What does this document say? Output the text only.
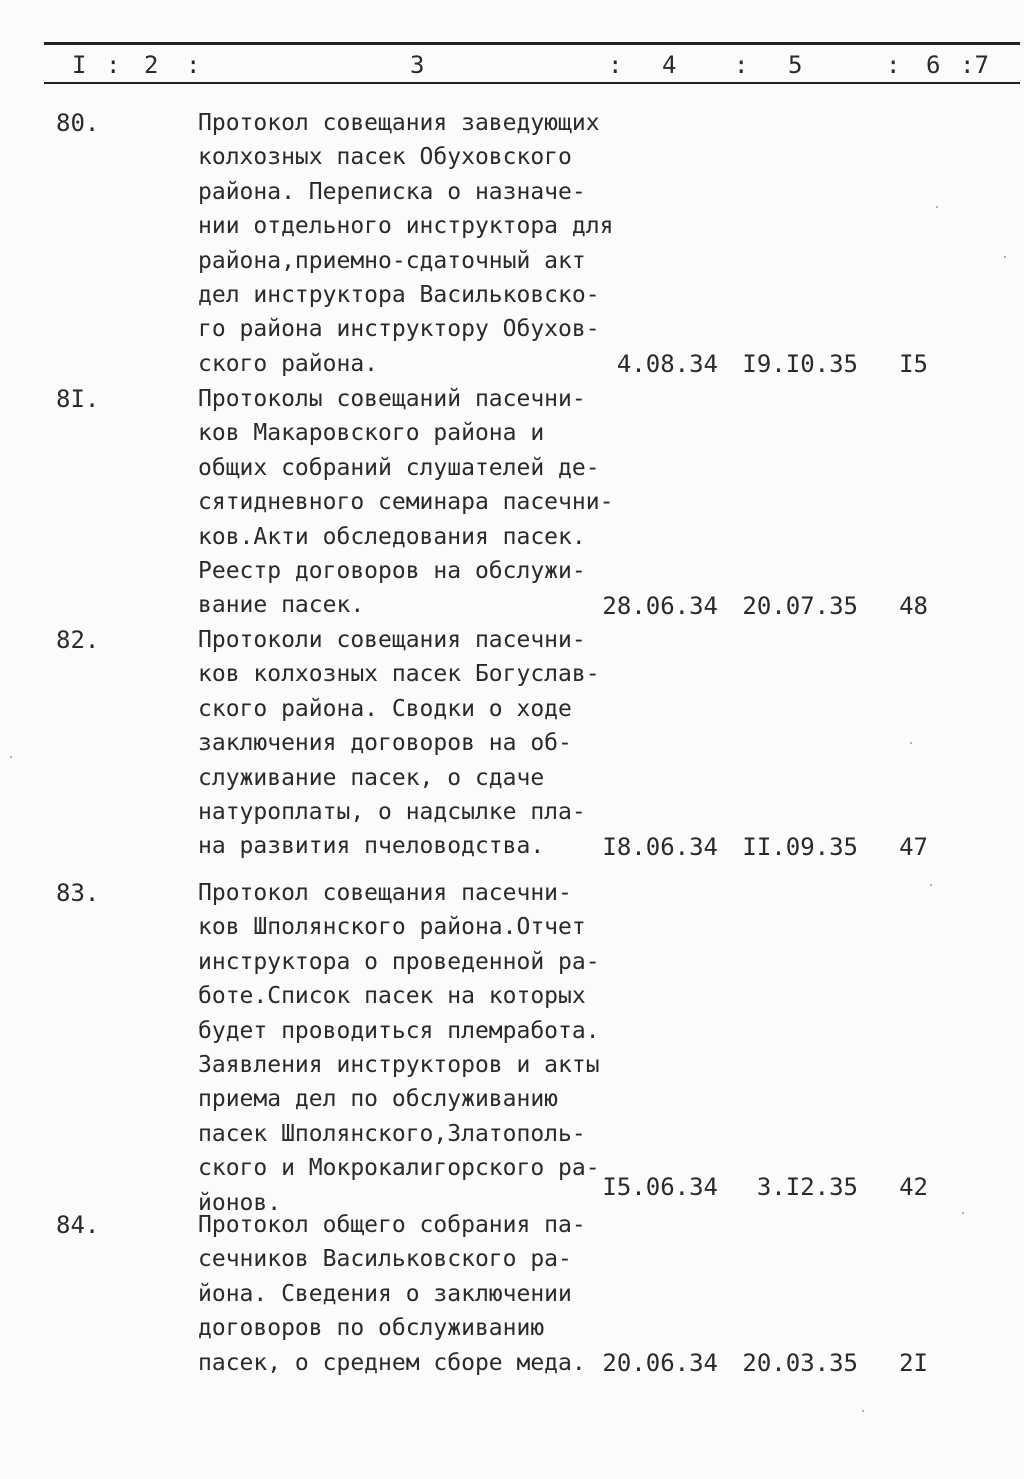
I : 2 :	3	: 4 : 5	: 6 :7
80.	Протокол совещания заведующих
колхозных пасек Обуховского
района. Переписка о назначе-
нии отдельного инструктора для
района,приемно-сдаточный акт
дел инструктора Васильковско-
го района инструктору Обухов-
ского района.	4.08.34 I9.I0.35 I5
8I.	Протоколы совещаний пасечни-
ков Макаровского района и
общих собраний слушателей де-
сятидневного семинара пасечни-
ков.Акти обследования пасек.
Реестр договоров на обслужи-
вание пасек.	28.06.34 20.07.35 48
82.	Протоколи совещания пасечни-
ков колхозных пасек Богуслав-
ского района. Сводки о ходе
заключения договоров на об-
служивание пасек, о сдаче
натуроплаты, о надсылке пла-
на развития пчеловодства.	I8.06.34 II.09.35 47
83.	Протокол совещания пасечни-
ков Шполянского района.Отчет
инструктора о проведенной ра-
боте.Список пасек на которых
будет проводиться племработа.
Заявления инструкторов и акты
приема дел по обслуживанию
пасек Шполянского,Златополь-
ского и Мокрокалигорского ра-
йонов.

I5.06.34 3.I2.35 42
84.	Протокол общего собрания па-
сечников Васильковского ра-
йона. Сведения о заключении
договоров по обслуживанию
пасек, о среднем сборе меда. 20.06.34 20.03.35 2I
